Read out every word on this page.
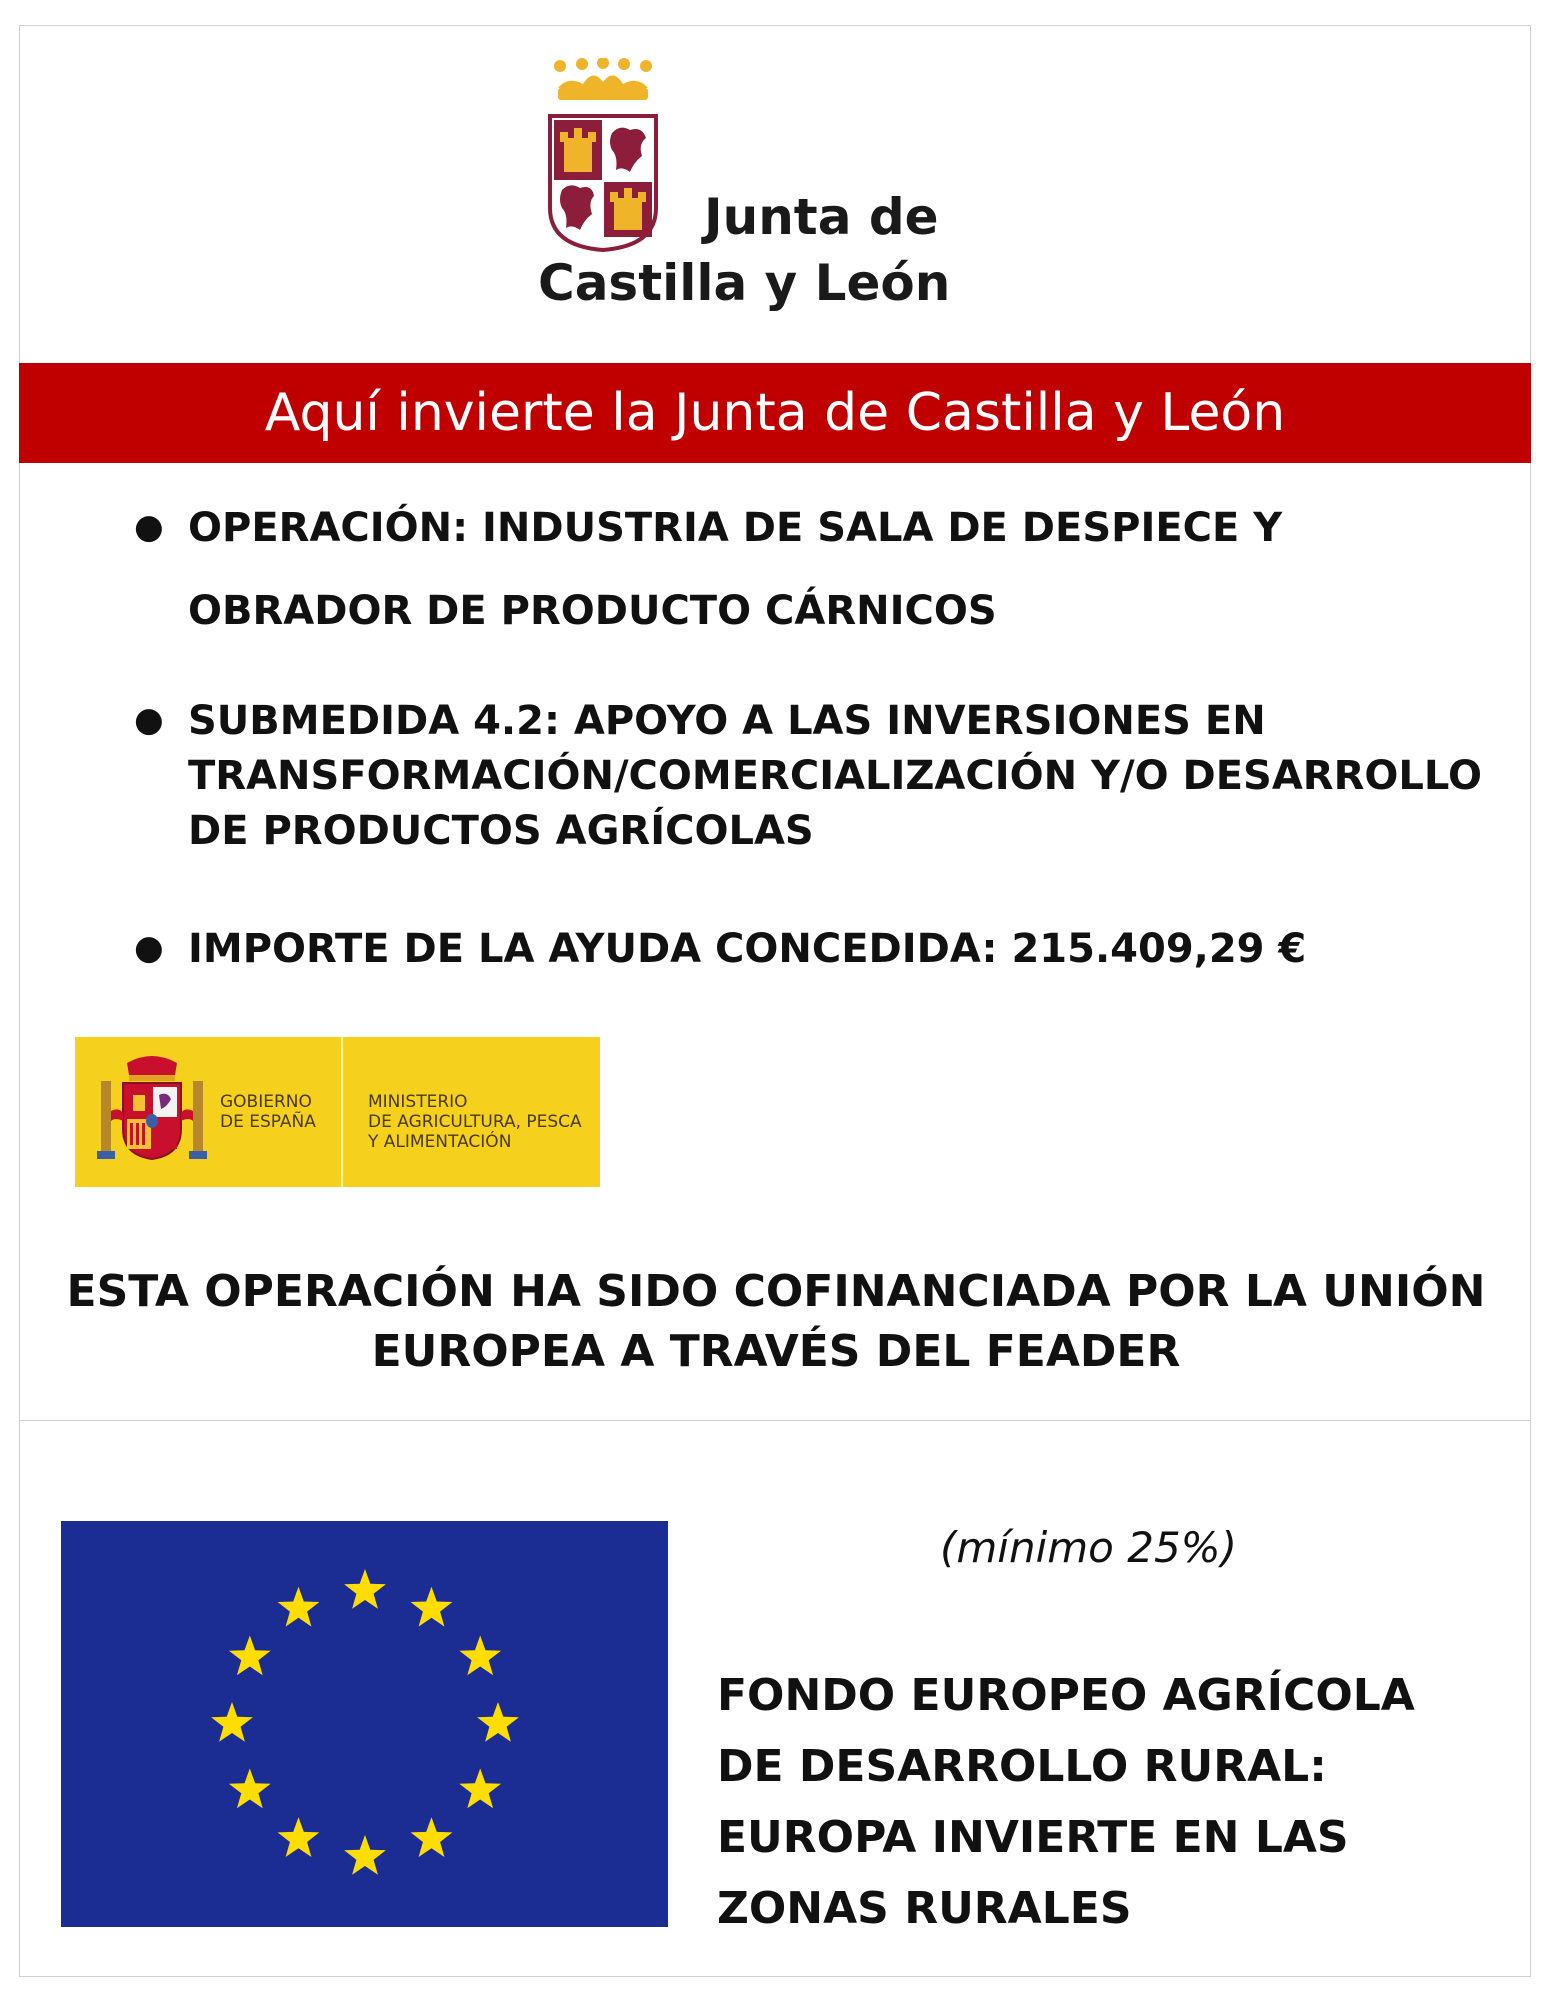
Junta de
Castilla y León
Aquí invierte la Junta de Castilla y León
● OPERACIÓN: INDUSTRIA DE SALA DE DESPIECE Y
OBRADOR DE PRODUCTO CÁRNICOS
● SUBMEDIDA 4.2: APOYO A LAS INVERSIONES EN
TRANSFORMACIÓN/COMERCIALIZACIÓN Y/O DESARROLLO
DE PRODUCTOS AGRÍCOLAS
● IMPORTE DE LA AYUDA CONCEDIDA: 215.409,29 €
GOBIERNO
DE ESPAÑA
MINISTERIO
DE AGRICULTURA, PESCA
Y ALIMENTACIÓN
ESTA OPERACIÓN HA SIDO COFINANCIADA POR LA UNIÓN
EUROPEA A TRAVÉS DEL FEADER
(mínimo 25%)
FONDO EUROPEO AGRÍCOLA
DE DESARROLLO RURAL:
EUROPA INVIERTE EN LAS
ZONAS RURALES
